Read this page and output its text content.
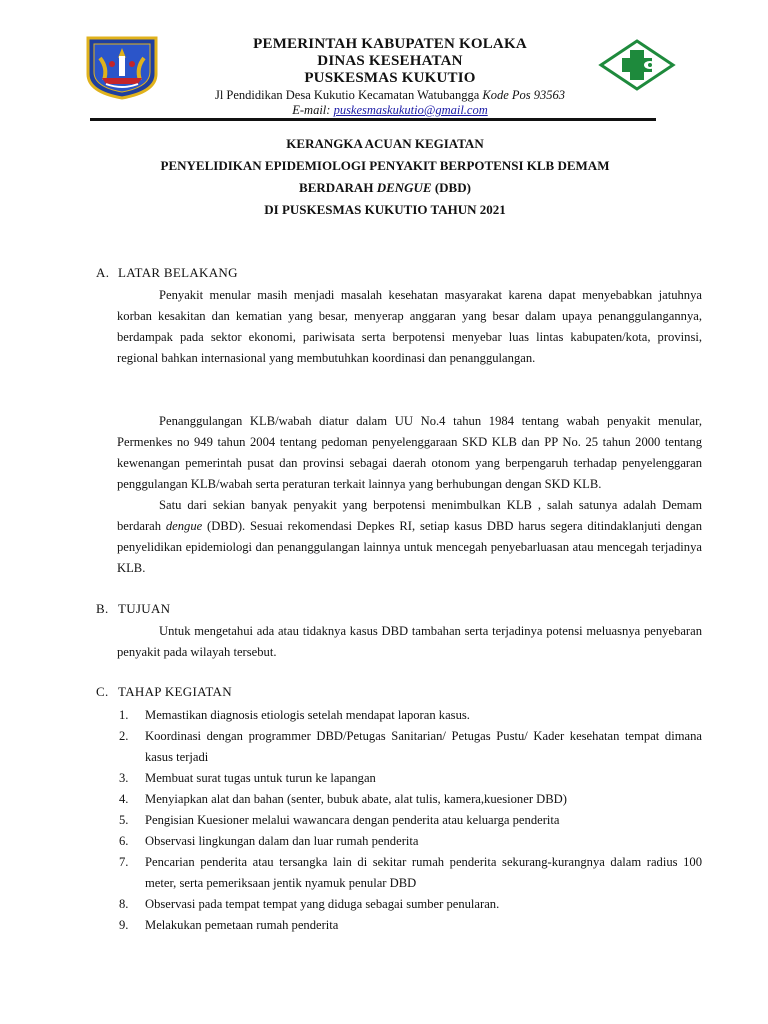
PEMERINTAH KABUPATEN KOLAKA
DINAS KESEHATAN
PUSKESMAS KUKUTIO
Jl Pendidikan Desa Kukutio Kecamatan Watubangga Kode Pos 93563
E-mail: puskesmaskukutio@gmail.com
KERANGKA ACUAN KEGIATAN
PENYELIDIKAN EPIDEMIOLOGI PENYAKIT BERPOTENSI KLB DEMAM
BERDARAH DENGUE (DBD)
DI PUSKESMAS KUKUTIO TAHUN 2021
A. LATAR BELAKANG
Penyakit menular masih menjadi masalah kesehatan masyarakat karena dapat menyebabkan jatuhnya korban kesakitan dan kematian yang besar, menyerap anggaran yang besar dalam upaya penanggulangannya, berdampak pada sektor ekonomi, pariwisata serta berpotensi menyebar luas lintas kabupaten/kota, provinsi, regional bahkan internasional yang membutuhkan koordinasi dan penanggulangan.
Penanggulangan KLB/wabah diatur dalam UU No.4 tahun 1984 tentang wabah penyakit menular, Permenkes no 949 tahun 2004 tentang pedoman penyelenggaraan SKD KLB dan PP No. 25 tahun 2000 tentang kewenangan pemerintah pusat dan provinsi sebagai daerah otonom yang berpengaruh terhadap penyelenggaran penggulangan KLB/wabah serta peraturan terkait lainnya yang berhubungan dengan SKD KLB.
Satu dari sekian banyak penyakit yang berpotensi menimbulkan KLB , salah satunya adalah Demam berdarah dengue (DBD). Sesuai rekomendasi Depkes RI, setiap kasus DBD harus segera ditindaklanjuti dengan penyelidikan epidemiologi dan penanggulangan lainnya untuk mencegah penyebarluasan atau mencegah terjadinya KLB.
B. TUJUAN
Untuk mengetahui ada atau tidaknya kasus DBD tambahan serta terjadinya potensi meluasnya penyebaran penyakit pada wilayah tersebut.
C. TAHAP KEGIATAN
1. Memastikan diagnosis etiologis setelah mendapat laporan kasus.
2. Koordinasi dengan programmer DBD/Petugas Sanitarian/ Petugas Pustu/ Kader kesehatan tempat dimana kasus terjadi
3. Membuat surat tugas untuk turun ke lapangan
4. Menyiapkan alat dan bahan (senter, bubuk abate, alat tulis, kamera,kuesioner DBD)
5. Pengisian Kuesioner melalui wawancara dengan penderita atau keluarga penderita
6. Observasi lingkungan dalam dan luar rumah penderita
7. Pencarian penderita atau tersangka lain di sekitar rumah penderita sekurang-kurangnya dalam radius 100 meter, serta pemeriksaan jentik nyamuk penular DBD
8. Observasi pada tempat tempat yang diduga sebagai sumber penularan.
9. Melakukan pemetaan rumah penderita
